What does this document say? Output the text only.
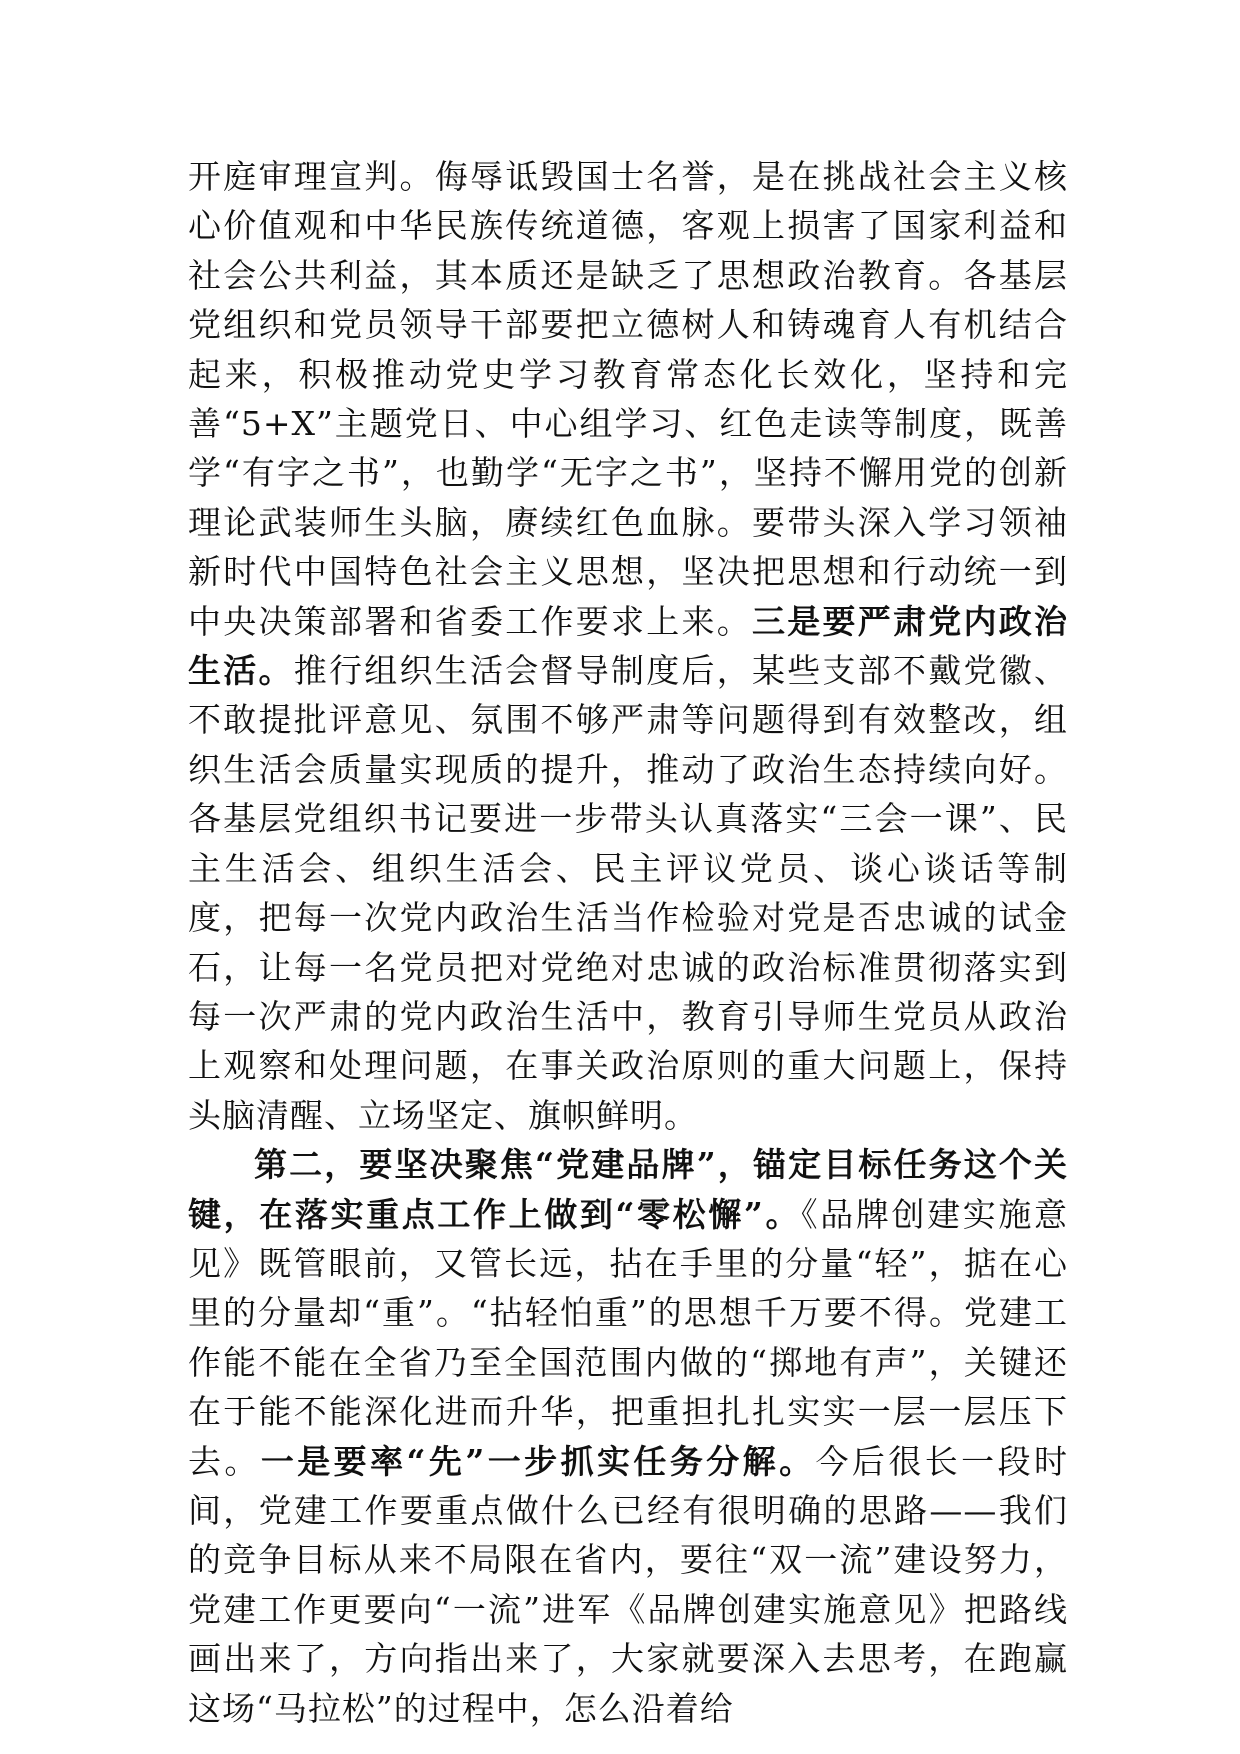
开庭审理宣判。侮辱诋毁国士名誉，是在挑战社会主义核心价值观和中华民族传统道德，客观上损害了国家利益和社会公共利益，其本质还是缺乏了思想政治教育。各基层党组织和党员领导干部要把立德树人和铸魂育人有机结合起来，积极推动党史学习教育常态化长效化，坚持和完善“5+X”主题党日、中心组学习、红色走读等制度，既善学“有字之书”，也勤学“无字之书”，坚持不懈用党的创新理论武装师生头脑，赓续红色血脉。要带头深入学习领袖新时代中国特色社会主义思想，坚决把思想和行动统一到中央决策部署和省委工作要求上来。三是要严肃党内政治生活。推行组织生活会督导制度后，某些支部不戴党徽、不敢提批评意见、氛围不够严肃等问题得到有效整改，组织生活会质量实现质的提升，推动了政治生态持续向好。各基层党组织书记要进一步带头认真落实“三会一课”、民主生活会、组织生活会、民主评议党员、谈心谈话等制度，把每一次党内政治生活当作检验对党是否忠诚的试金石，让每一名党员把对党绝对忠诚的政治标准贯彻落实到每一次严肃的党内政治生活中，教育引导师生党员从政治上观察和处理问题，在事关政治原则的重大问题上，保持头脑清醒、立场坚定、旗帜鲜明。

第二，要坚决聚焦“党建品牌”，锚定目标任务这个关键，在落实重点工作上做到“零松懈”。《品牌创建实施意见》既管眼前，又管长远，拈在手里的分量“轻”，掂在心里的分量却“重”。“拈轻怕重”的思想千万要不得。党建工作能不能在全省乃至全国范围内做的“掷地有声”，关键还在于能不能深化进而升华，把重担扎扎实实一层一层压下去。一是要率“先”一步抓实任务分解。今后很长一段时间，党建工作要重点做什么已经有很明确的思路——我们的竞争目标从来不局限在省内，要往“双一流”建设努力，党建工作更要向“一流”进军《品牌创建实施意见》把路线画出来了，方向指出来了，大家就要深入去思考，在跑赢这场“马拉松”的过程中，怎么沿着给
